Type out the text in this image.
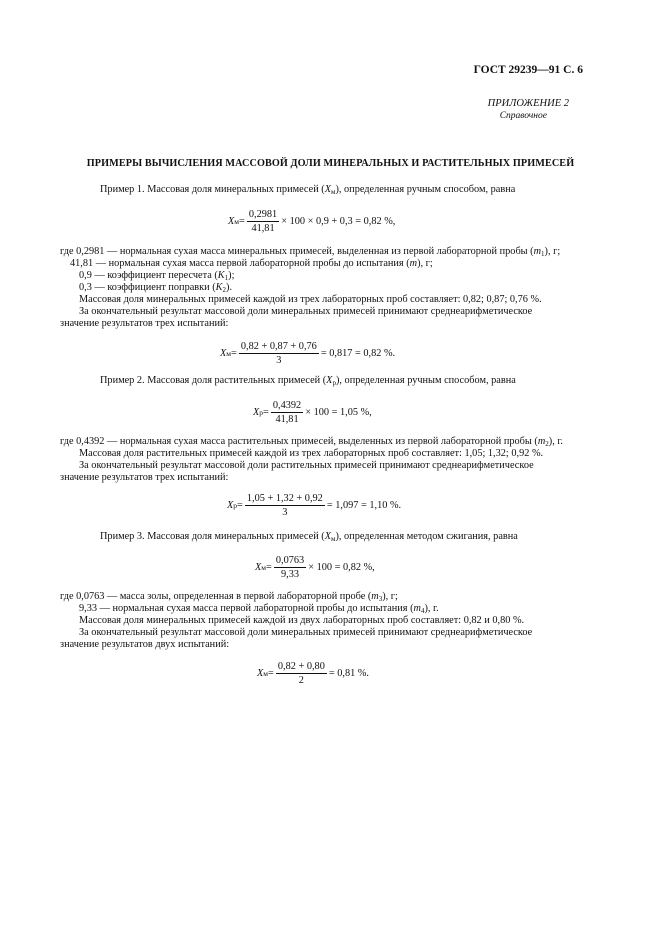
ГОСТ 29239—91 С. 6
ПРИЛОЖЕНИЕ 2
Справочное
ПРИМЕРЫ ВЫЧИСЛЕНИЯ МАССОВОЙ ДОЛИ МИНЕРАЛЬНЫХ И РАСТИТЕЛЬНЫХ ПРИМЕСЕЙ
Пример 1. Массовая доля минеральных примесей $(X_м)$, определенная ручным способом, равна
X $м = \frac{0,2981}{41,81} \times 100 \times 0,9 + 0,3 = 0,82$ %,
где 0,2981 — нормальная сухая масса минеральных примесей, выделенная из первой лабораторной пробы $(m_1)$, г;
41,81 — нормальная сухая масса первой лабораторной пробы до испытания (m), г;
0,9 — коэффициент пересчета $(K_1)$;
0,3 — коэффициент поправки $(K_2)$.
Массовая доля минеральных примесей каждой из трех лабораторных проб составляет: 0,82; 0,87; 0,76 %.
За окончательный результат массовой доли минеральных примесей принимают среднеарифметическое
значение результатов трех испытаний:
X $м = \frac{0,82 + 0,87 + 0,76}{3} = 0,817 = 0,82$ %.
Пример 2. Массовая доля растительных примесей $(X_р)$, определенная ручным способом, равна
X $р = \frac{0,4392}{41,81} \times 100 = 1,05$ %,
где 0,4392 — нормальная сухая масса растительных примесей, выделенных из первой лабораторной пробы $(m_2)$, г.
Массовая доля растительных примесей каждой из трех лабораторных проб составляет: 1,05; 1,32; 0,92 %.
За окончательный результат массовой доли растительных примесей принимают среднеарифметическое
значение результатов трех испытаний:
X $р = \frac{1,05 + 1,32 + 0,92}{3} = 1,097 = 1,10$ %.
Пример 3. Массовая доля минеральных примесей $(X_м)$, определенная методом сжигания, равна
X $м = \frac{0,0763}{9,33} \times 100 = 0,82$ %,
где 0,0763 — масса золы, определенная в первой лабораторной пробе $(m_3)$, г;
9,33 — нормальная сухая масса первой лабораторной пробы до испытания $(m_4)$, г.
Массовая доля минеральных примесей каждой из двух лабораторных проб составляет: 0,82 и 0,80 %.
За окончательный результат массовой доли минеральных примесей принимают среднеарифметическое
значение результатов двух испытаний:
X $м = \frac{0,82 + 0,80}{2} = 0,81$ %.
